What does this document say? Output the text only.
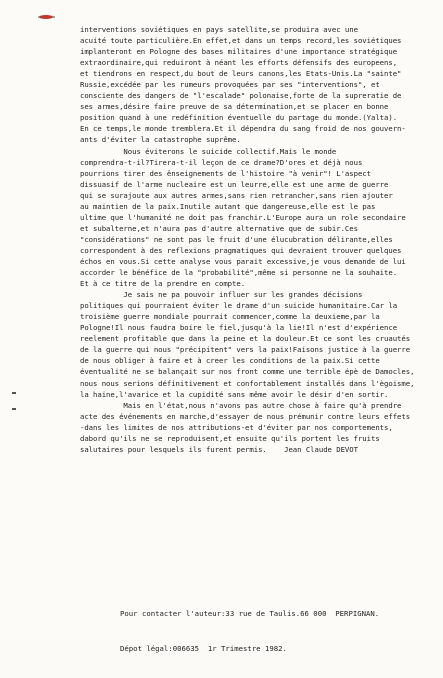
interventions soviétiques en pays satellite,se produira avec une
acuité toute particulière.En effet,et dans un temps record,les soviétiques
implanteront en Pologne des bases militaires d'une importance stratégique
extraordinaire,qui reduiront à néant les efforts défensifs des europeens,
et tiendrons en respect,du bout de leurs canons,les Etats-Unis.La "sainte"
Russie,excédée par les rumeurs provoquées par ses "interventions", et
consciente des dangers de "l'escalade" polonaise,forte de la supreratie de
ses armes,désire faire preuve de sa détermination,et se placer en bonne
position quand à une redéfinition éventuelle du partage du monde.(Yalta).
En ce temps,le monde tremblera.Et il dépendra du sang froid de nos gouvern-
ants d'éviter la catastrophe suprême.
Nous éviterons le suicide collectif.Mais le monde
comprendra-t-il?Tirera-t-il leçon de ce drame?D'ores et déjà nous
pourrions tirer des ênseignements de l'histoire "à venir"! L'aspect
dissuasif de l'arme nucleaire est un leurre,elle est une arme de guerre
qui se surajoute aux autres armes,sans rien retrancher,sans rien ajouter
au maintien de la paix.Inutile autant que dangereuse,elle est le pas
ultime que l'humanité ne doit pas franchir.L'Europe aura un role secondaire
et subalterne,et n'aura pas d'autre alternative que de subir.Ces
"considérations" ne sont pas le fruit d'une élucubration délirante,elles
correspondent à des reflexions pragmatiques qui devraient trouver quelques
échos en vous.Si cette analyse vous parait excessive,je vous demande de lui
accorder le bénéfice de la "probabilité",même si personne ne la souhaite.
Et à ce titre de la prendre en compte.
Je sais ne pa pouvoir influer sur les grandes décisions
politiques qui pourraient éviter le drame d'un suicide humanitaire.Car la
troisième guerre mondiale pourrait commencer,comme la deuxieme,par la
Pologne!Il nous faudra boire le fiel,jusqu'à la lie!Il n'est d'expérience
reelement profitable que dans la peine et la douleur.Et ce sont les cruautés
de la guerre qui nous "précipitent" vers la paix!Faisons justice à la guerre
de nous obliger à faire et à creer les conditions de la paix.Si cette
éventualité ne se balançait sur nos front comme une terrible épè de Damocles,
nous nous serions définitivement et confortablement installés dans l'ègoisme,
la haine,l'avarice et la cupidité sans même avoir le désir d'en sortir.
Mais en l'état,nous n'avons pas autre chose à faire qu'à prendre
acte des événements en marche,d'essayer de nous prémunir contre leurs effets
-dans les limites de nos attributions-et d'éviter par nos comportements,
dabord qu'ils ne se reproduisent,et ensuite qu'ils portent les fruits
salutaires pour lesquels ils furent permis.    Jean Claude DEVOT

Pour contacter l'auteur:33 rue de Taulis.66 000  PERPIGNAN.

Dépot légal:006635  1r Trimestre 1982.
